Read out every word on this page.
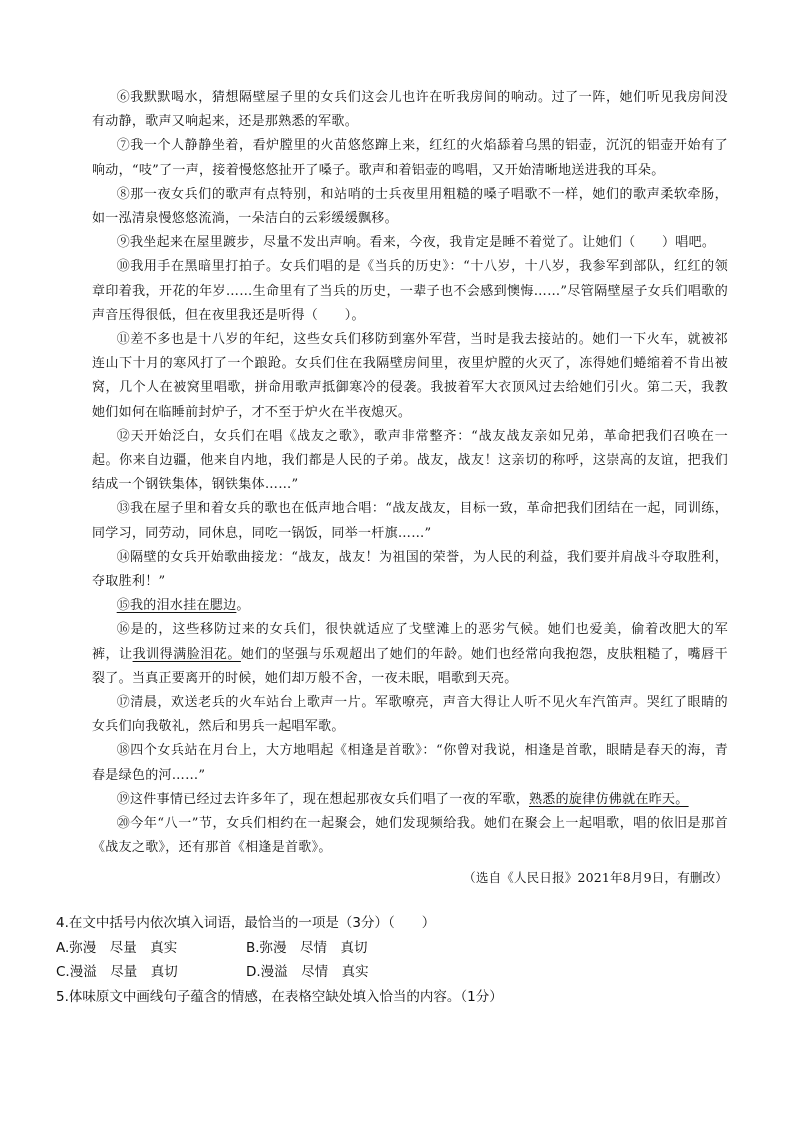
⑥我默默喝水，猜想隔壁屋子里的女兵们这会儿也许在听我房间的响动。过了一阵，她们听见我房间没有动静，歌声又响起来，还是那熟悉的军歌。

⑦我一个人静静坐着，看炉膛里的火苗悠悠蹿上来，红红的火焰舔着乌黑的铝壶，沉沉的铝壶开始有了响动，“吱”了一声，接着慢悠悠扯开了嗓子。歌声和着铝壶的鸣唱，又开始清晰地送进我的耳朵。

⑧那一夜女兵们的歌声有点特别，和站哨的士兵夜里用粗糙的嗓子唱歌不一样，她们的歌声柔软牵肠，如一泓清泉慢悠悠流淌，一朵洁白的云彩缓缓飘移。

⑨我坐起来在屋里踱步，尽量不发出声响。看来，今夜，我肯定是睡不着觉了。让她们（　　）唱吧。

⑩我用手在黑暗里打拍子。女兵们唱的是《当兵的历史》：“十八岁，十八岁，我参军到部队，红红的领章印着我，开花的年岁……生命里有了当兵的历史，一辈子也不会感到懊悔……”尽管隔壁屋子女兵们唱歌的声音压得很低，但在夜里我还是听得（　　）。

⑪差不多也是十八岁的年纪，这些女兵们移防到塞外军营，当时是我去接站的。她们一下火车，就被祁连山下十月的寒风打了一个踉跄。女兵们住在我隔壁房间里，夜里炉膛的火灭了，冻得她们蜷缩着不肯出被窝，几个人在被窝里唱歌，拼命用歌声抵御寒冷的侵袭。我披着军大衣顶风过去给她们引火。第二天，我教她们如何在临睡前封炉子，才不至于炉火在半夜熄灭。

⑫天开始泛白，女兵们在唱《战友之歌》，歌声非常整齐：“战友战友亲如兄弟，革命把我们召唤在一起。你来自边疆，他来自内地，我们都是人民的子弟。战友，战友！这亲切的称呼，这崇高的友谊，把我们结成一个钢铁集体，钢铁集体……”

⑬我在屋子里和着女兵的歌也在低声地合唱：“战友战友，目标一致，革命把我们团结在一起，同训练，同学习，同劳动，同休息，同吃一锅饭，同举一杆旗……”

⑭隔壁的女兵开始歌曲接龙：“战友，战友！为祖国的荣誉，为人民的利益，我们要并肩战斗夺取胜利，夺取胜利！”

⑮我的泪水挂在腮边。

⑯是的，这些移防过来的女兵们，很快就适应了戈壁滩上的恶劣气候。她们也爱美，偷着改肥大的军裤，让我训得满脸泪花。她们的坚强与乐观超出了她们的年龄。她们也经常向我抱怨，皮肤粗糙了，嘴唇干裂了。当真正要离开的时候，她们却万般不舍，一夜未眠，唱歌到天亮。

⑰清晨，欢送老兵的火车站台上歌声一片。军歌嘹亮，声音大得让人听不见火车汽笛声。哭红了眼睛的女兵们向我敬礼，然后和男兵一起唱军歌。

⑱四个女兵站在月台上，大方地唱起《相逢是首歌》：“你曾对我说，相逢是首歌，眼睛是春天的海，青春是绿色的河……”

⑲这件事情已经过去许多年了，现在想起那夜女兵们唱了一夜的军歌，熟悉的旋律仿佛就在昨天。

⑳今年“八一”节，女兵们相约在一起聚会，她们发现频给我。她们在聚会上一起唱歌，唱的依旧是那首《战友之歌》，还有那首《相逢是首歌》。

（选自《人民日报》2021年8月9日，有删改）

4.在文中括号内依次填入词语，最恰当的一项是（3分）（　　）

A.弥漫　尽量　真实	B.弥漫　尽情　真切
C.漫溢　尽量　真切	D.漫溢　尽情　真实

5.体味原文中画线句子蕴含的情感，在表格空缺处填入恰当的内容。（1分）
